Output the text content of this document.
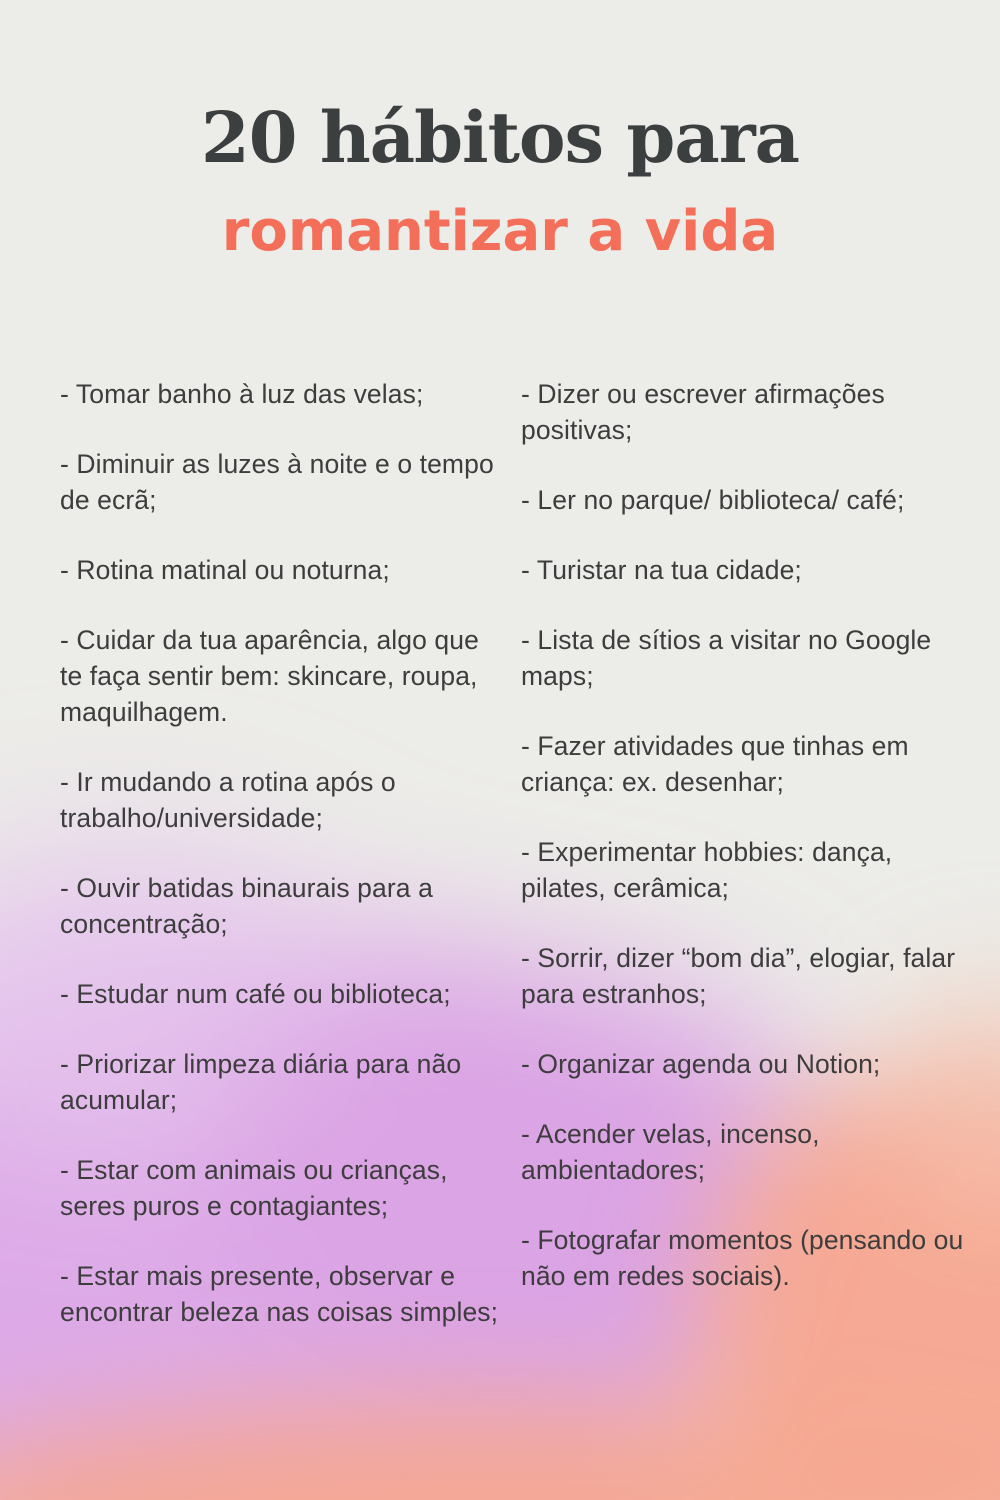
20 hábitos para
romantizar a vida
- Tomar banho à luz das velas;
- Diminuir as luzes à noite e o tempo de ecrã;
- Rotina matinal ou noturna;
- Cuidar da tua aparência, algo que te faça sentir bem: skincare, roupa, maquilhagem.
- Ir mudando a rotina após o trabalho/universidade;
- Ouvir batidas binaurais para a concentração;
- Estudar num café ou biblioteca;
- Priorizar limpeza diária para não acumular;
- Estar com animais ou crianças, seres puros e contagiantes;
- Estar mais presente, observar e encontrar beleza nas coisas simples;
- Dizer ou escrever afirmações positivas;
- Ler no parque/ biblioteca/ café;
- Turistar na tua cidade;
- Lista de sítios a visitar no Google maps;
- Fazer atividades que tinhas em criança: ex. desenhar;
- Experimentar hobbies: dança, pilates, cerâmica;
- Sorrir, dizer “bom dia”, elogiar, falar para estranhos;
- Organizar agenda ou Notion;
- Acender velas, incenso, ambientadores;
- Fotografar momentos (pensando ou não em redes sociais).
